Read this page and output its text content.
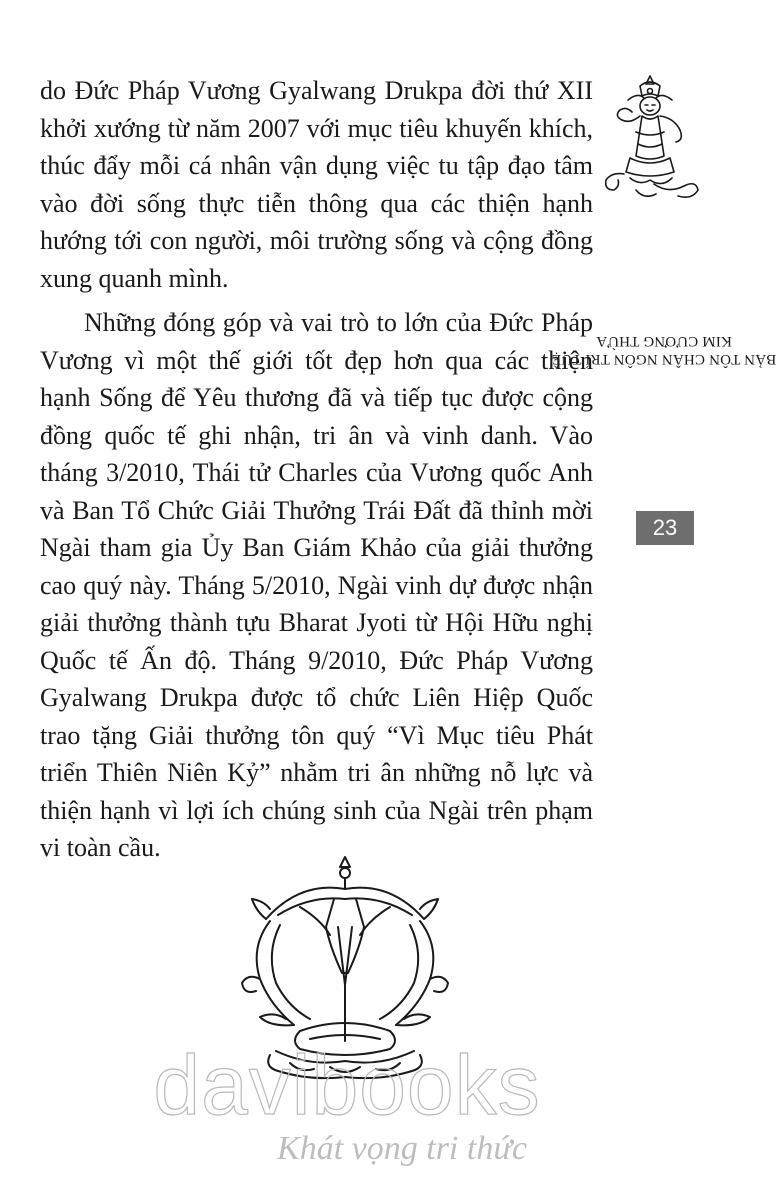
do Đức Pháp Vương Gyalwang Drukpa đời thứ XII khởi xướng từ năm 2007 với mục tiêu khuyến khích, thúc đẩy mỗi cá nhân vận dụng việc tu tập đạo tâm vào đời sống thực tiễn thông qua các thiện hạnh hướng tới con người, môi trường sống và cộng đồng xung quanh mình.

Những đóng góp và vai trò to lớn của Đức Pháp Vương vì một thế giới tốt đẹp hơn qua các thiện hạnh Sống để Yêu thương đã và tiếp tục được cộng đồng quốc tế ghi nhận, tri ân và vinh danh. Vào tháng 3/2010, Thái tử Charles của Vương quốc Anh và Ban Tổ Chức Giải Thưởng Trái Đất đã thỉnh mời Ngài tham gia Ủy Ban Giám Khảo của giải thưởng cao quý này. Tháng 5/2010, Ngài vinh dự được nhận giải thưởng thành tựu Bharat Jyoti từ Hội Hữu nghị Quốc tế Ấn độ. Tháng 9/2010, Đức Pháp Vương Gyalwang Drukpa được tổ chức Liên Hiệp Quốc trao tặng Giải thưởng tôn quý “Vì Mục tiêu Phát triển Thiên Niên Kỷ” nhằm tri ân những nỗ lực và thiện hạnh vì lợi ích chúng sinh của Ngài trên phạm vi toàn cầu.

BẢN TÔN CHÂN NGÔN TRÍ TUỆ

KIM CƯƠNG THỪA
23
davibooks
Khát vọng tri thức
